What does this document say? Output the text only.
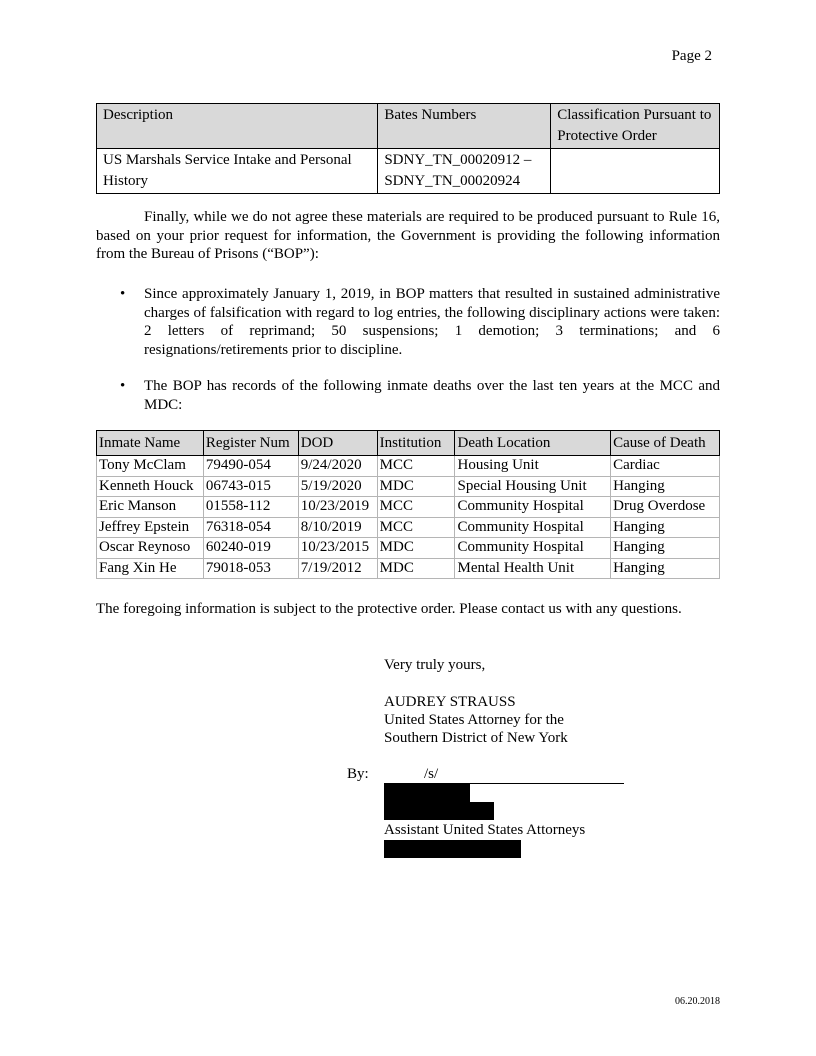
Page 2
Description	Bates Numbers	Classification Pursuant to Protective Order
US Marshals Service Intake and Personal History	SDNY_TN_00020912 – SDNY_TN_00020924	
Finally, while we do not agree these materials are required to be produced pursuant to Rule 16, based on your prior request for information, the Government is providing the following information from the Bureau of Prisons (“BOP”):
• Since approximately January 1, 2019, in BOP matters that resulted in sustained administrative charges of falsification with regard to log entries, the following disciplinary actions were taken: 2 letters of reprimand; 50 suspensions; 1 demotion; 3 terminations; and 6 resignations/retirements prior to discipline.
• The BOP has records of the following inmate deaths over the last ten years at the MCC and MDC:
Inmate Name	Register Num	DOD	Institution	Death Location	Cause of Death
Tony McClam	79490-054	9/24/2020	MCC	Housing Unit	Cardiac
Kenneth Houck	06743-015	5/19/2020	MDC	Special Housing Unit	Hanging
Eric Manson	01558-112	10/23/2019	MCC	Community Hospital	Drug Overdose
Jeffrey Epstein	76318-054	8/10/2019	MCC	Community Hospital	Hanging
Oscar Reynoso	60240-019	10/23/2015	MDC	Community Hospital	Hanging
Fang Xin He	79018-053	7/19/2012	MDC	Mental Health Unit	Hanging
The foregoing information is subject to the protective order. Please contact us with any questions.
Very truly yours,
AUDREY STRAUSS
United States Attorney for the
Southern District of New York
By:	/s/
Assistant United States Attorneys
06.20.2018
